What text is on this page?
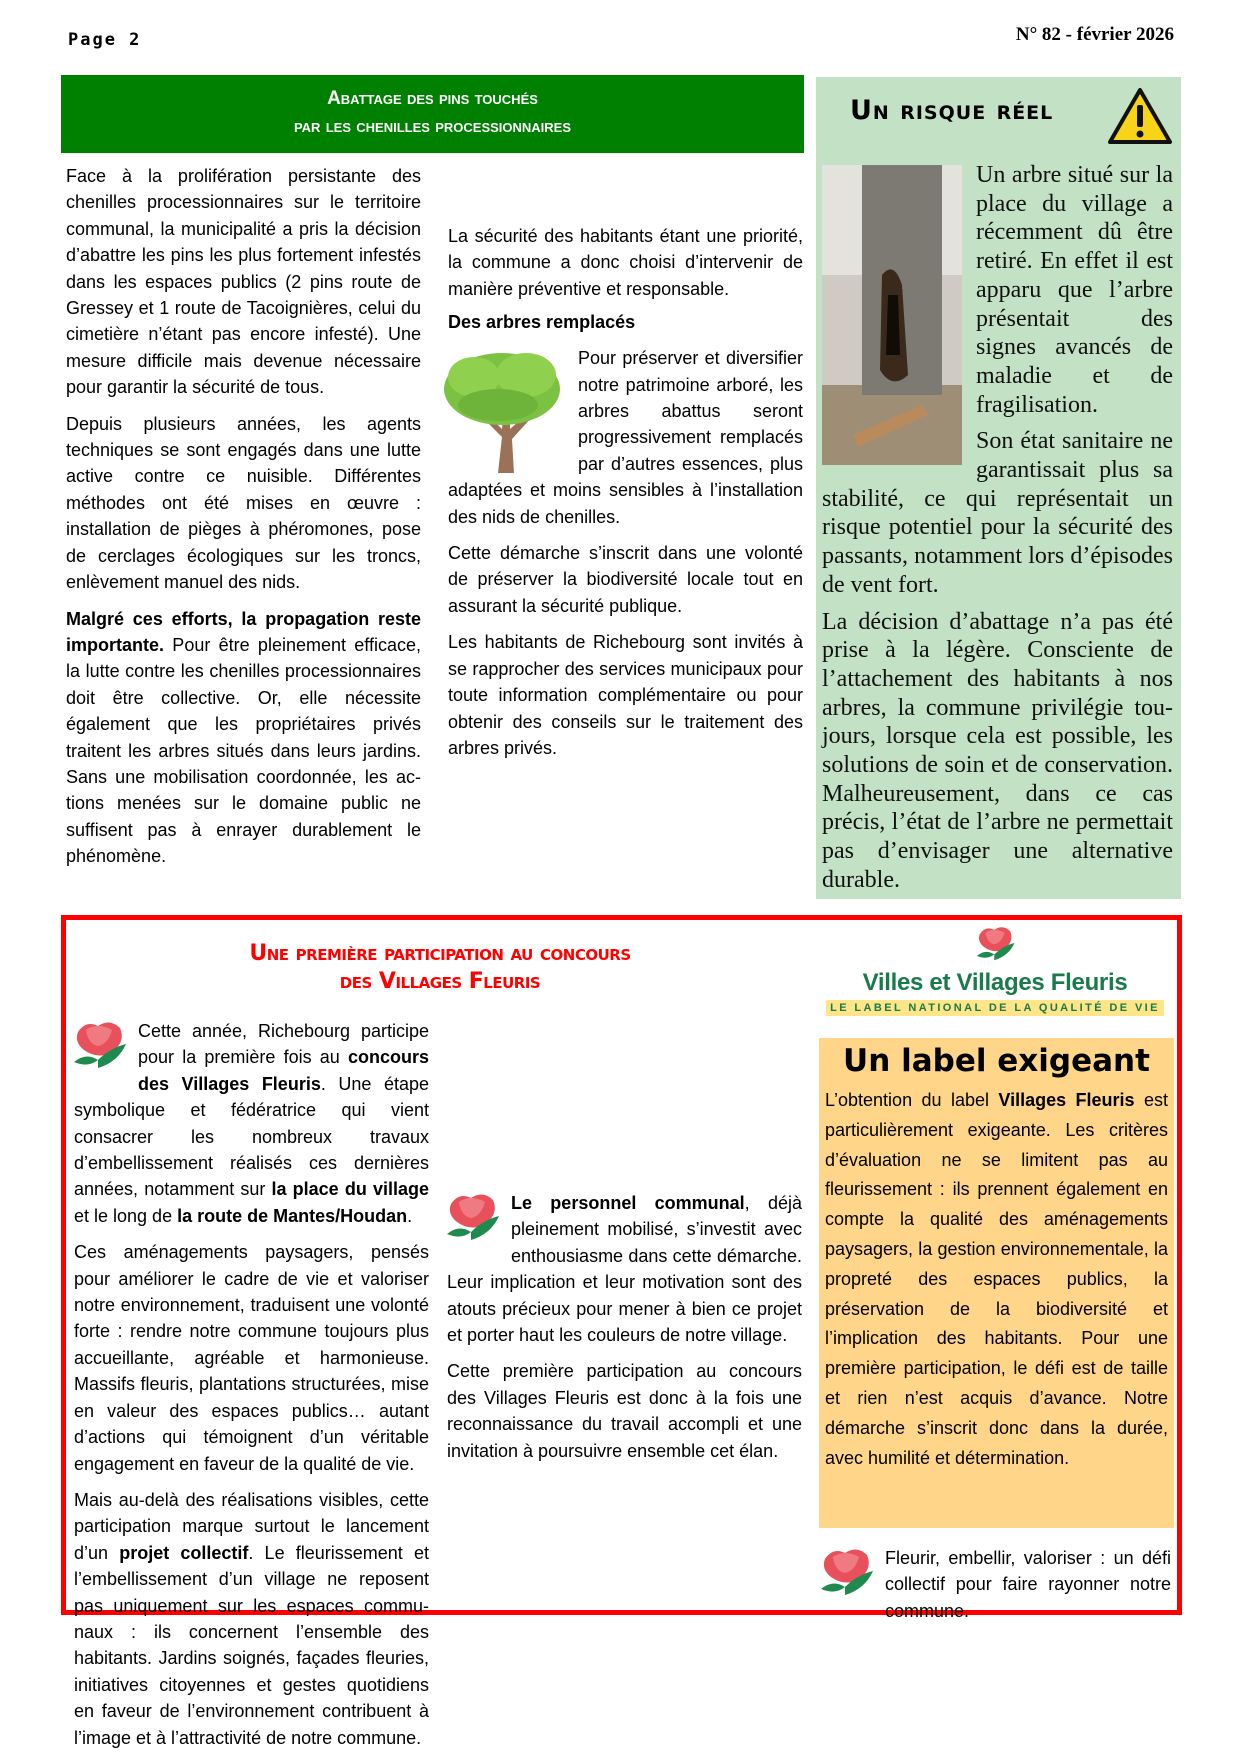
Page 2	N° 82 - février 2026
Abattage des pins touchés
par les chenilles processionnaires

Face à la prolifération persistante des chenilles processionnaires sur le territoire communal, la municipalité a pris la décision d’abattre les pins les plus fortement infestés dans les espaces publics (2 pins route de Gressey et 1 route de Tacoignières, celui du cimetière n’étant pas encore infesté). Une mesure difficile mais devenue nécessaire pour garantir la sécurité de tous.

Depuis plusieurs années, les agents techniques se sont engagés dans une lutte active contre ce nuisible. Différentes méthodes ont été mises en œuvre : installation de pièges à phéromones, pose de cerclages écologiques sur les troncs, enlèvement manuel des nids.

Malgré ces efforts, la propagation reste importante. Pour être pleinement efficace, la lutte contre les chenilles processionnaires doit être collective. Or, elle nécessite également que les propriétaires privés traitent les arbres situés dans leurs jardins. Sans une mobilisation coordonnée, les actions menées sur le domaine public ne suffisent pas à enrayer durablement le phénomène.

La sécurité des habitants étant une priorité, la commune a donc choisi d’intervenir de manière préventive et responsable.

Des arbres remplacés

Pour préserver et diversifier notre patrimoine arboré, les arbres abattus seront progressivement remplacés par d’autres essences, plus adaptées et moins sensibles à l’installation des nids de chenilles.

Cette démarche s’inscrit dans une volonté de préserver la biodiversité locale tout en assurant la sécurité publique.

Les habitants de Richebourg sont invités à se rapprocher des services municipaux pour toute information complémentaire ou pour obtenir des conseils sur le traitement des arbres privés.

Un risque réel

Un arbre situé sur la place du village a récemment dû être retiré. En effet il est apparu que l’arbre présentait des signes avancés de maladie et de fragilisation.

Son état sanitaire ne garantissait plus sa stabilité, ce qui représentait un risque potentiel pour la sécurité des passants, notamment lors d’épisodes de vent fort.

La décision d’abattage n’a pas été prise à la légère. Consciente de l’attachement des habitants à nos arbres, la commune privilégie toujours, lorsque cela est possible, les solutions de soin et de conservation. Malheureusement, dans ce cas précis, l’état de l’arbre ne permettait pas d’envisager une alternative durable.

Une première participation au concours
des Villages Fleuris

Cette année, Richebourg participe pour la première fois au concours des Villages Fleuris. Une étape symbolique et fédératrice qui vient consacrer les nombreux travaux d’embellissement réalisés ces dernières années, notamment sur la place du village et le long de la route de Mantes/Houdan.

Ces aménagements paysagers, pensés pour améliorer le cadre de vie et valoriser notre environnement, traduisent une volonté forte : rendre notre commune toujours plus accueillante, agréable et harmonieuse. Massifs fleuris, plantations structurées, mise en valeur des espaces publics… autant d’actions qui témoignent d’un véritable engagement en faveur de la qualité de vie.

Mais au-delà des réalisations visibles, cette participation marque surtout le lancement d’un projet collectif. Le fleurissement et l’embellissement d’un village ne reposent pas uniquement sur les espaces communaux : ils concernent l’ensemble des habitants. Jardins soignés, façades fleuries, initiatives citoyennes et gestes quotidiens en faveur de l’environnement contribuent à l’image et à l’attractivité de notre commune.

Le personnel communal, déjà pleinement mobilisé, s’investit avec enthousiasme dans cette démarche. Leur implication et leur motivation sont des atouts précieux pour mener à bien ce projet et porter haut les couleurs de notre village.

Cette première participation au concours des Villages Fleuris est donc à la fois une reconnaissance du travail accompli et une invitation à poursuivre ensemble cet élan.

Villes et Villages Fleuris
LE LABEL NATIONAL DE LA QUALITÉ DE VIE
Un label exigeant

L’obtention du label Villages Fleuris est particulièrement exigeante. Les critères d’évaluation ne se limitent pas au fleurissement : ils prennent également en compte la qualité des aménagements paysagers, la gestion environnementale, la propreté des espaces publics, la préservation de la biodiversité et l’implication des habitants. Pour une première participation, le défi est de taille et rien n’est acquis d’avance. Notre démarche s’inscrit donc dans la durée, avec humilité et détermination.

Fleurir, embellir, valoriser : un défi collectif pour faire rayonner notre commune.
